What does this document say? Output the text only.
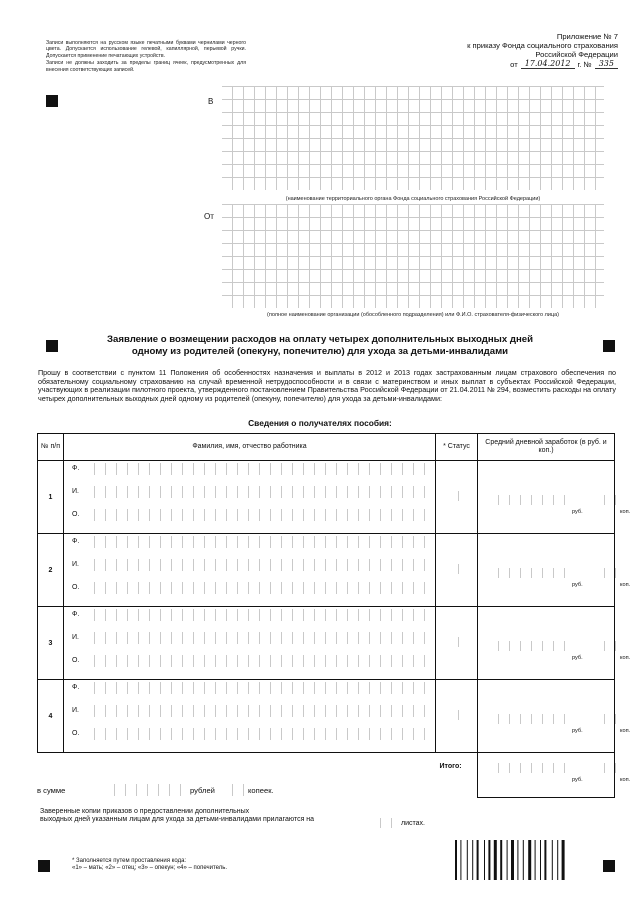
Записи выполняются на русском языке печатными буквами чернилами черного цвета. Допускается использование гелевой, капиллярной, перьевой ручки. Допускается применение печатающих устройств.

Записи не должны заходить за пределы границ ячеек, предусмотренных для внесения соответствующих записей.

Приложение № 7
к приказу Фонда социального страхования
Российской Федерации
от 17.04.2012 г. № 335
В
(наименование территориального органа Фонда социального страхования Российской Федерации)
От
(полное наименование организации (обособленного подразделения) или Ф.И.О. страхователя-физического лица)
Заявление о возмещении расходов на оплату четырех дополнительных выходных дней
одному из родителей (опекуну, попечителю) для ухода за детьми-инвалидами
Прошу в соответствии с пунктом 11 Положения об особенностях назначения и выплаты в 2012 и 2013 годах застрахованным лицам страхового обеспечения по обязательному социальному страхованию на случай временной нетрудоспособности и в связи с материнством и иных выплат в субъектах Российской Федерации, участвующих в реализации пилотного проекта, утвержденного постановлением Правительства Российской Федерации от 21.04.2011 № 294, возместить расходы на оплату четырех дополнительных выходных дней одному из родителей (опекуну, попечителю) для ухода за детьми-инвалидами:
Сведения о получателях пособия:
№ п/п	Фамилия, имя, отчество работника	* Статус	Средний дневной заработок (в руб. и коп.)
1	Ф.
И.
О.		руб. коп.

2	Ф.
И.
О.		руб. коп.

3	Ф.
И.
О.		руб. коп.

4	Ф.
И.
О.		руб. коп.

		Итого:	руб. коп.
в сумме	рублей	копеек.
Заверенные копии приказов о предоставлении дополнительных
выходных дней указанным лицам для ухода за детьми-инвалидами прилагаются на
листах.
* Заполняется путем проставления кода:
«1» – мать; «2» – отец; «3» – опекун; «4» – попечитель.
